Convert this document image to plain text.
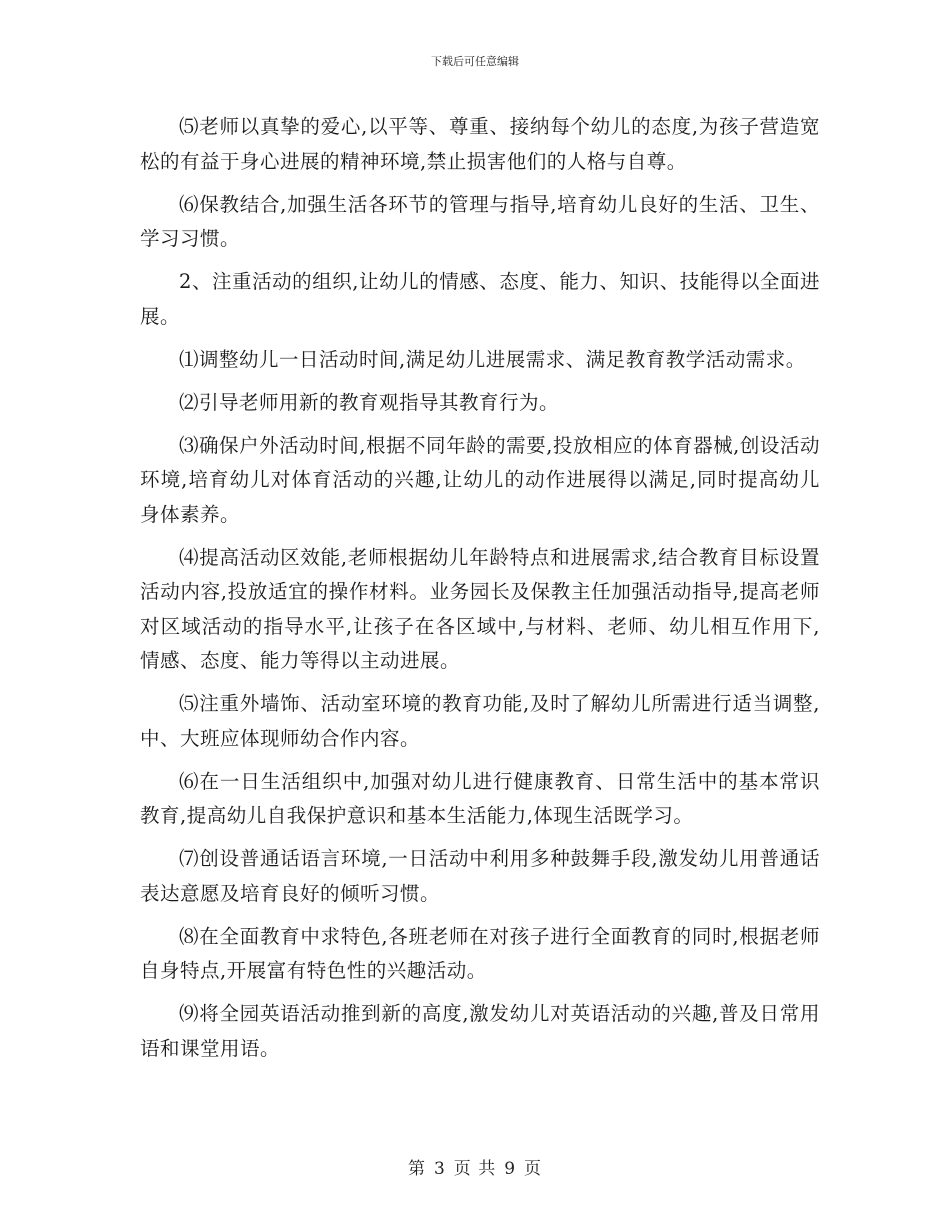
下载后可任意编辑

⑸老师以真挚的爱心,以平等、尊重、接纳每个幼儿的态度,为孩子营造宽松的有益于身心进展的精神环境,禁止损害他们的人格与自尊。

⑹保教结合,加强生活各环节的管理与指导,培育幼儿良好的生活、卫生、学习习惯。

2、注重活动的组织,让幼儿的情感、态度、能力、知识、技能得以全面进展。

⑴调整幼儿一日活动时间,满足幼儿进展需求、满足教育教学活动需求。

⑵引导老师用新的教育观指导其教育行为。

⑶确保户外活动时间,根据不同年龄的需要,投放相应的体育器械,创设活动环境,培育幼儿对体育活动的兴趣,让幼儿的动作进展得以满足,同时提高幼儿身体素养。

⑷提高活动区效能,老师根据幼儿年龄特点和进展需求,结合教育目标设置活动内容,投放适宜的操作材料。业务园长及保教主任加强活动指导,提高老师对区域活动的指导水平,让孩子在各区域中,与材料、老师、幼儿相互作用下,情感、态度、能力等得以主动进展。

⑸注重外墙饰、活动室环境的教育功能,及时了解幼儿所需进行适当调整,中、大班应体现师幼合作内容。

⑹在一日生活组织中,加强对幼儿进行健康教育、日常生活中的基本常识教育,提高幼儿自我保护意识和基本生活能力,体现生活既学习。

⑺创设普通话语言环境,一日活动中利用多种鼓舞手段,激发幼儿用普通话表达意愿及培育良好的倾听习惯。

⑻在全面教育中求特色,各班老师在对孩子进行全面教育的同时,根据老师自身特点,开展富有特色性的兴趣活动。

⑼将全园英语活动推到新的高度,激发幼儿对英语活动的兴趣,普及日常用语和课堂用语。

第 3 页 共 9 页
